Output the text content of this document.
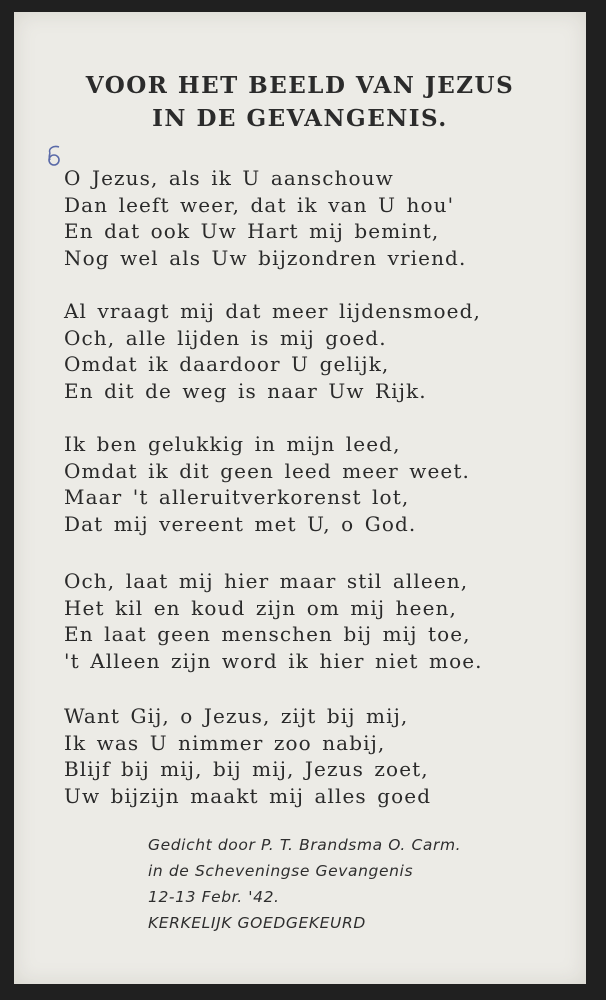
VOOR HET BEELD VAN JEZUS
IN DE GEVANGENIS.
O Jezus, als ik U aanschouw
Dan leeft weer, dat ik van U hou'
En dat ook Uw Hart mij bemint,
Nog wel als Uw bijzondren vriend.
Al vraagt mij dat meer lijdensmoed,
Och, alle lijden is mij goed.
Omdat ik daardoor U gelijk,
En dit de weg is naar Uw Rijk.
Ik ben gelukkig in mijn leed,
Omdat ik dit geen leed meer weet.
Maar 't alleruitverkorenst lot,
Dat mij vereent met U, o God.
Och, laat mij hier maar stil alleen,
Het kil en koud zijn om mij heen,
En laat geen menschen bij mij toe,
't Alleen zijn word ik hier niet moe.
Want Gij, o Jezus, zijt bij mij,
Ik was U nimmer zoo nabij,
Blijf bij mij, bij mij, Jezus zoet,
Uw bijzijn maakt mij alles goed
Gedicht door P. T. Brandsma O. Carm.
in de Scheveningse Gevangenis
12-13 Febr. '42.
KERKELIJK GOEDGEKEURD
